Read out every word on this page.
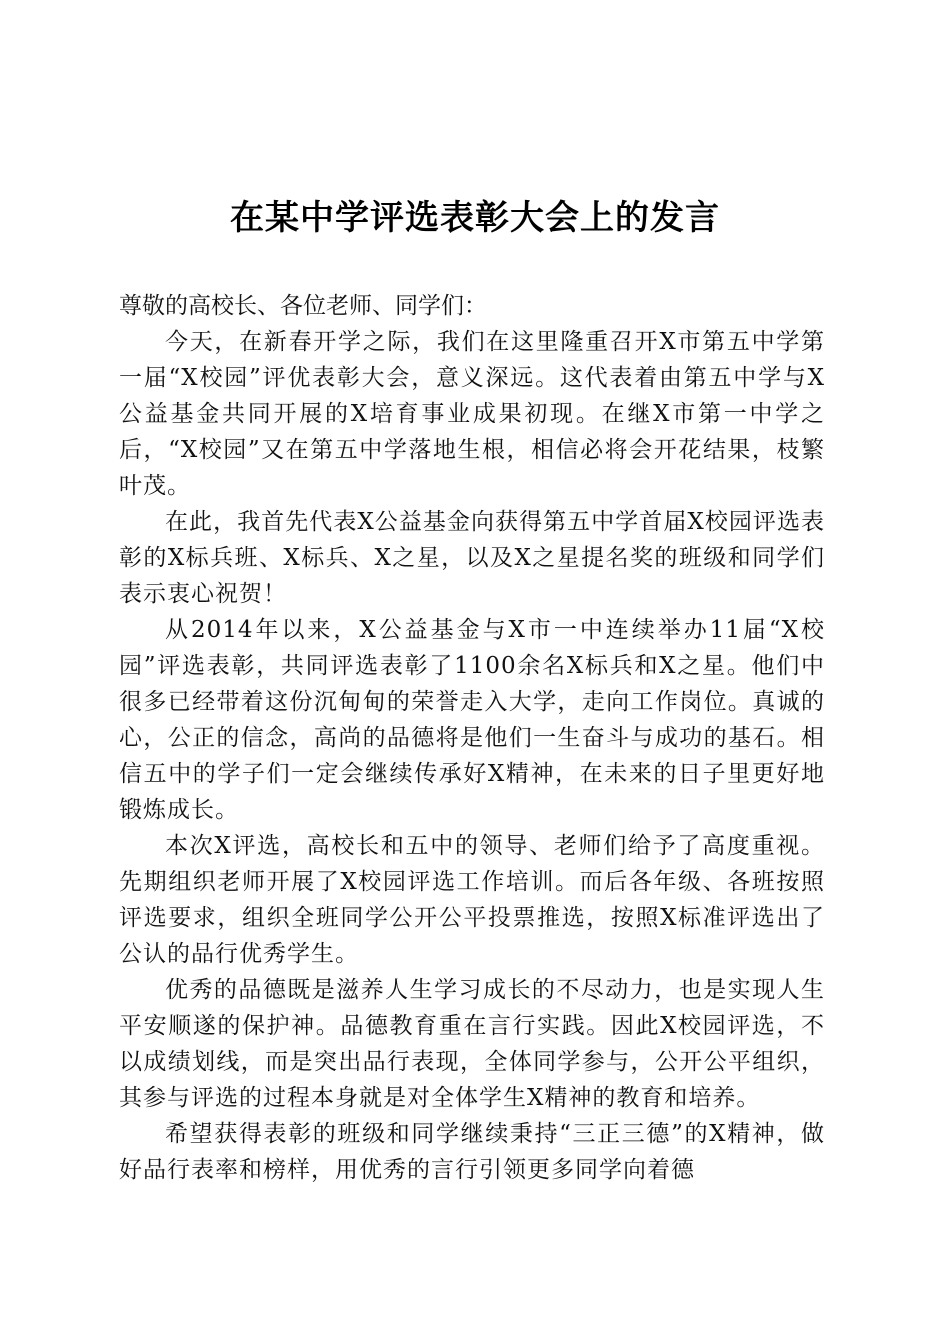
在某中学评选表彰大会上的发言

尊敬的高校长、各位老师、同学们：

今天，在新春开学之际，我们在这里隆重召开X市第五中学第一届“X校园”评优表彰大会，意义深远。这代表着由第五中学与X公益基金共同开展的X培育事业成果初现。在继X市第一中学之后，“X校园”又在第五中学落地生根，相信必将会开花结果，枝繁叶茂。

在此，我首先代表X公益基金向获得第五中学首届X校园评选表彰的X标兵班、X标兵、X之星，以及X之星提名奖的班级和同学们表示衷心祝贺！

从2014年以来，X公益基金与X市一中连续举办11届“X校园”评选表彰，共同评选表彰了1100余名X标兵和X之星。他们中很多已经带着这份沉甸甸的荣誉走入大学，走向工作岗位。真诚的心，公正的信念，高尚的品德将是他们一生奋斗与成功的基石。相信五中的学子们一定会继续传承好X精神，在未来的日子里更好地锻炼成长。

本次X评选，高校长和五中的领导、老师们给予了高度重视。先期组织老师开展了X校园评选工作培训。而后各年级、各班按照评选要求，组织全班同学公开公平投票推选，按照X标准评选出了公认的品行优秀学生。

优秀的品德既是滋养人生学习成长的不尽动力，也是实现人生平安顺遂的保护神。品德教育重在言行实践。因此X校园评选，不以成绩划线，而是突出品行表现，全体同学参与，公开公平组织，其参与评选的过程本身就是对全体学生X精神的教育和培养。

希望获得表彰的班级和同学继续秉持“三正三德”的X精神，做好品行表率和榜样，用优秀的言行引领更多同学向着德
